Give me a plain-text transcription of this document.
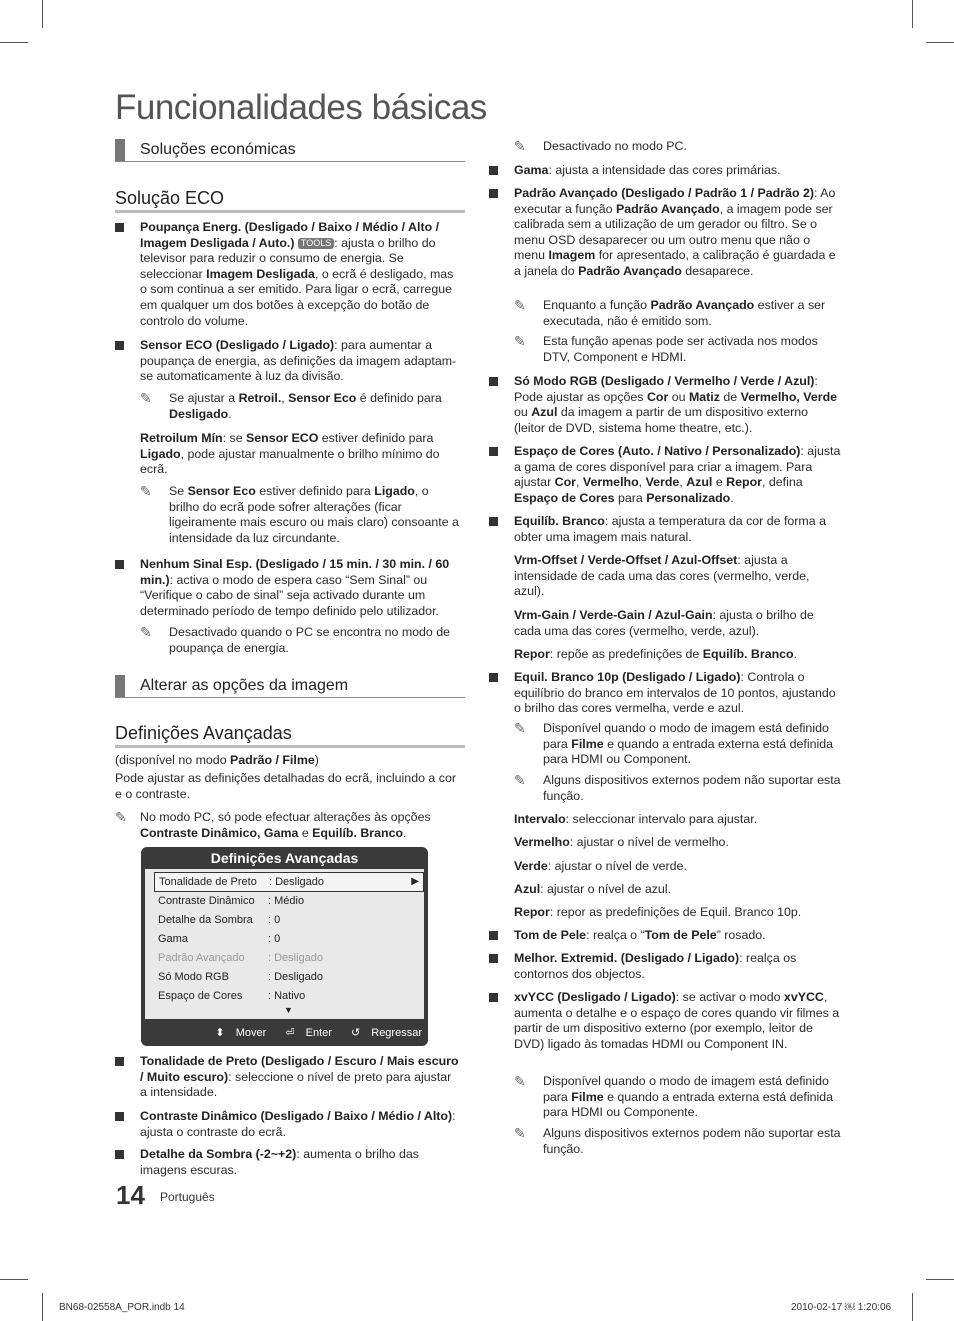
Funcionalidades básicas
Soluções económicas
Solução ECO
Poupança Energ. (Desligado / Baixo / Médio / Alto / Imagem Desligada / Auto.) TOOLS : ajusta o brilho do televisor para reduzir o consumo de energia. Se seleccionar Imagem Desligada, o ecrã é desligado, mas o som continua a ser emitido. Para ligar o ecrã, carregue em qualquer um dos botões à excepção do botão de controlo do volume.
Sensor ECO (Desligado / Ligado): para aumentar a poupança de energia, as definições da imagem adaptam-se automaticamente à luz da divisão.
✎ Se ajustar a Retroil., Sensor Eco é definido para Desligado.
Retroilum Mín: se Sensor ECO estiver definido para Ligado, pode ajustar manualmente o brilho mínimo do ecrã.
✎ Se Sensor Eco estiver definido para Ligado, o brilho do ecrã pode sofrer alterações (ficar ligeiramente mais escuro ou mais claro) consoante a intensidade da luz circundante.
Nenhum Sinal Esp. (Desligado / 15 min. / 30 min. / 60 min.): activa o modo de espera caso “Sem Sinal” ou “Verifique o cabo de sinal” seja activado durante um determinado período de tempo definido pelo utilizador.
✎ Desactivado quando o PC se encontra no modo de poupança de energia.
Alterar as opções da imagem
Definições Avançadas
(disponível no modo Padrão / Filme)
Pode ajustar as definições detalhadas do ecrã, incluindo a cor e o contraste.
✎ No modo PC, só pode efectuar alterações às opções Contraste Dinâmico, Gama e Equilíb. Branco.
Definições Avançadas
Tonalidade de Preto : Desligado	▶
Contraste Dinâmico : Médio
Detalhe da Sombra : 0
Gama	: 0
Padrão Avançado : Desligado
Só Modo RGB	: Desligado
Espaço de Cores : Nativo
▼
⬍ Mover ⏎ Enter ↺ Regressar
Tonalidade de Preto (Desligado / Escuro / Mais escuro / Muito escuro): seleccione o nível de preto para ajustar a intensidade.
Contraste Dinâmico (Desligado / Baixo / Médio / Alto): ajusta o contraste do ecrã.
Detalhe da Sombra (-2~+2): aumenta o brilho das imagens escuras.
14 Português
✎ Desactivado no modo PC.
Gama: ajusta a intensidade das cores primárias.
Padrão Avançado (Desligado / Padrão 1 / Padrão 2): Ao executar a função Padrão Avançado, a imagem pode ser calibrada sem a utilização de um gerador ou filtro. Se o menu OSD desaparecer ou um outro menu que não o menu Imagem for apresentado, a calibração é guardada e a janela do Padrão Avançado desaparece.
✎ Enquanto a função Padrão Avançado estiver a ser executada, não é emitido som.
✎ Esta função apenas pode ser activada nos modos DTV, Component e HDMI.
Só Modo RGB (Desligado / Vermelho / Verde / Azul): Pode ajustar as opções Cor ou Matiz de Vermelho, Verde ou Azul da imagem a partir de um dispositivo externo (leitor de DVD, sistema home theatre, etc.).
Espaço de Cores (Auto. / Nativo / Personalizado): ajusta a gama de cores disponível para criar a imagem. Para ajustar Cor, Vermelho, Verde, Azul e Repor, defina Espaço de Cores para Personalizado.
Equilíb. Branco: ajusta a temperatura da cor de forma a obter uma imagem mais natural.
Vrm-Offset / Verde-Offset / Azul-Offset: ajusta a intensidade de cada uma das cores (vermelho, verde, azul).
Vrm-Gain / Verde-Gain / Azul-Gain: ajusta o brilho de cada uma das cores (vermelho, verde, azul).
Repor: repõe as predefinições de Equilíb. Branco.
Equil. Branco 10p (Desligado / Ligado): Controla o equilíbrio do branco em intervalos de 10 pontos, ajustando o brilho das cores vermelha, verde e azul.
✎ Disponível quando o modo de imagem está definido para Filme e quando a entrada externa está definida para HDMI ou Component.
✎ Alguns dispositivos externos podem não suportar esta função.
Intervalo: seleccionar intervalo para ajustar.
Vermelho: ajustar o nível de vermelho.
Verde: ajustar o nível de verde.
Azul: ajustar o nível de azul.
Repor: repor as predefinições de Equil. Branco 10p.
Tom de Pele: realça o “Tom de Pele” rosado.
Melhor. Extremid. (Desligado / Ligado): realça os contornos dos objectos.
xvYCC (Desligado / Ligado): se activar o modo xvYCC, aumenta o detalhe e o espaço de cores quando vir filmes a partir de um dispositivo externo (por exemplo, leitor de DVD) ligado às tomadas HDMI ou Component IN.
✎ Disponível quando o modo de imagem está definido para Filme e quando a entrada externa está definida para HDMI ou Componente.
✎ Alguns dispositivos externos podem não suportar esta função.
BN68-02558A_POR.indb 14	2010-02-17 ￼ 1:20:06
